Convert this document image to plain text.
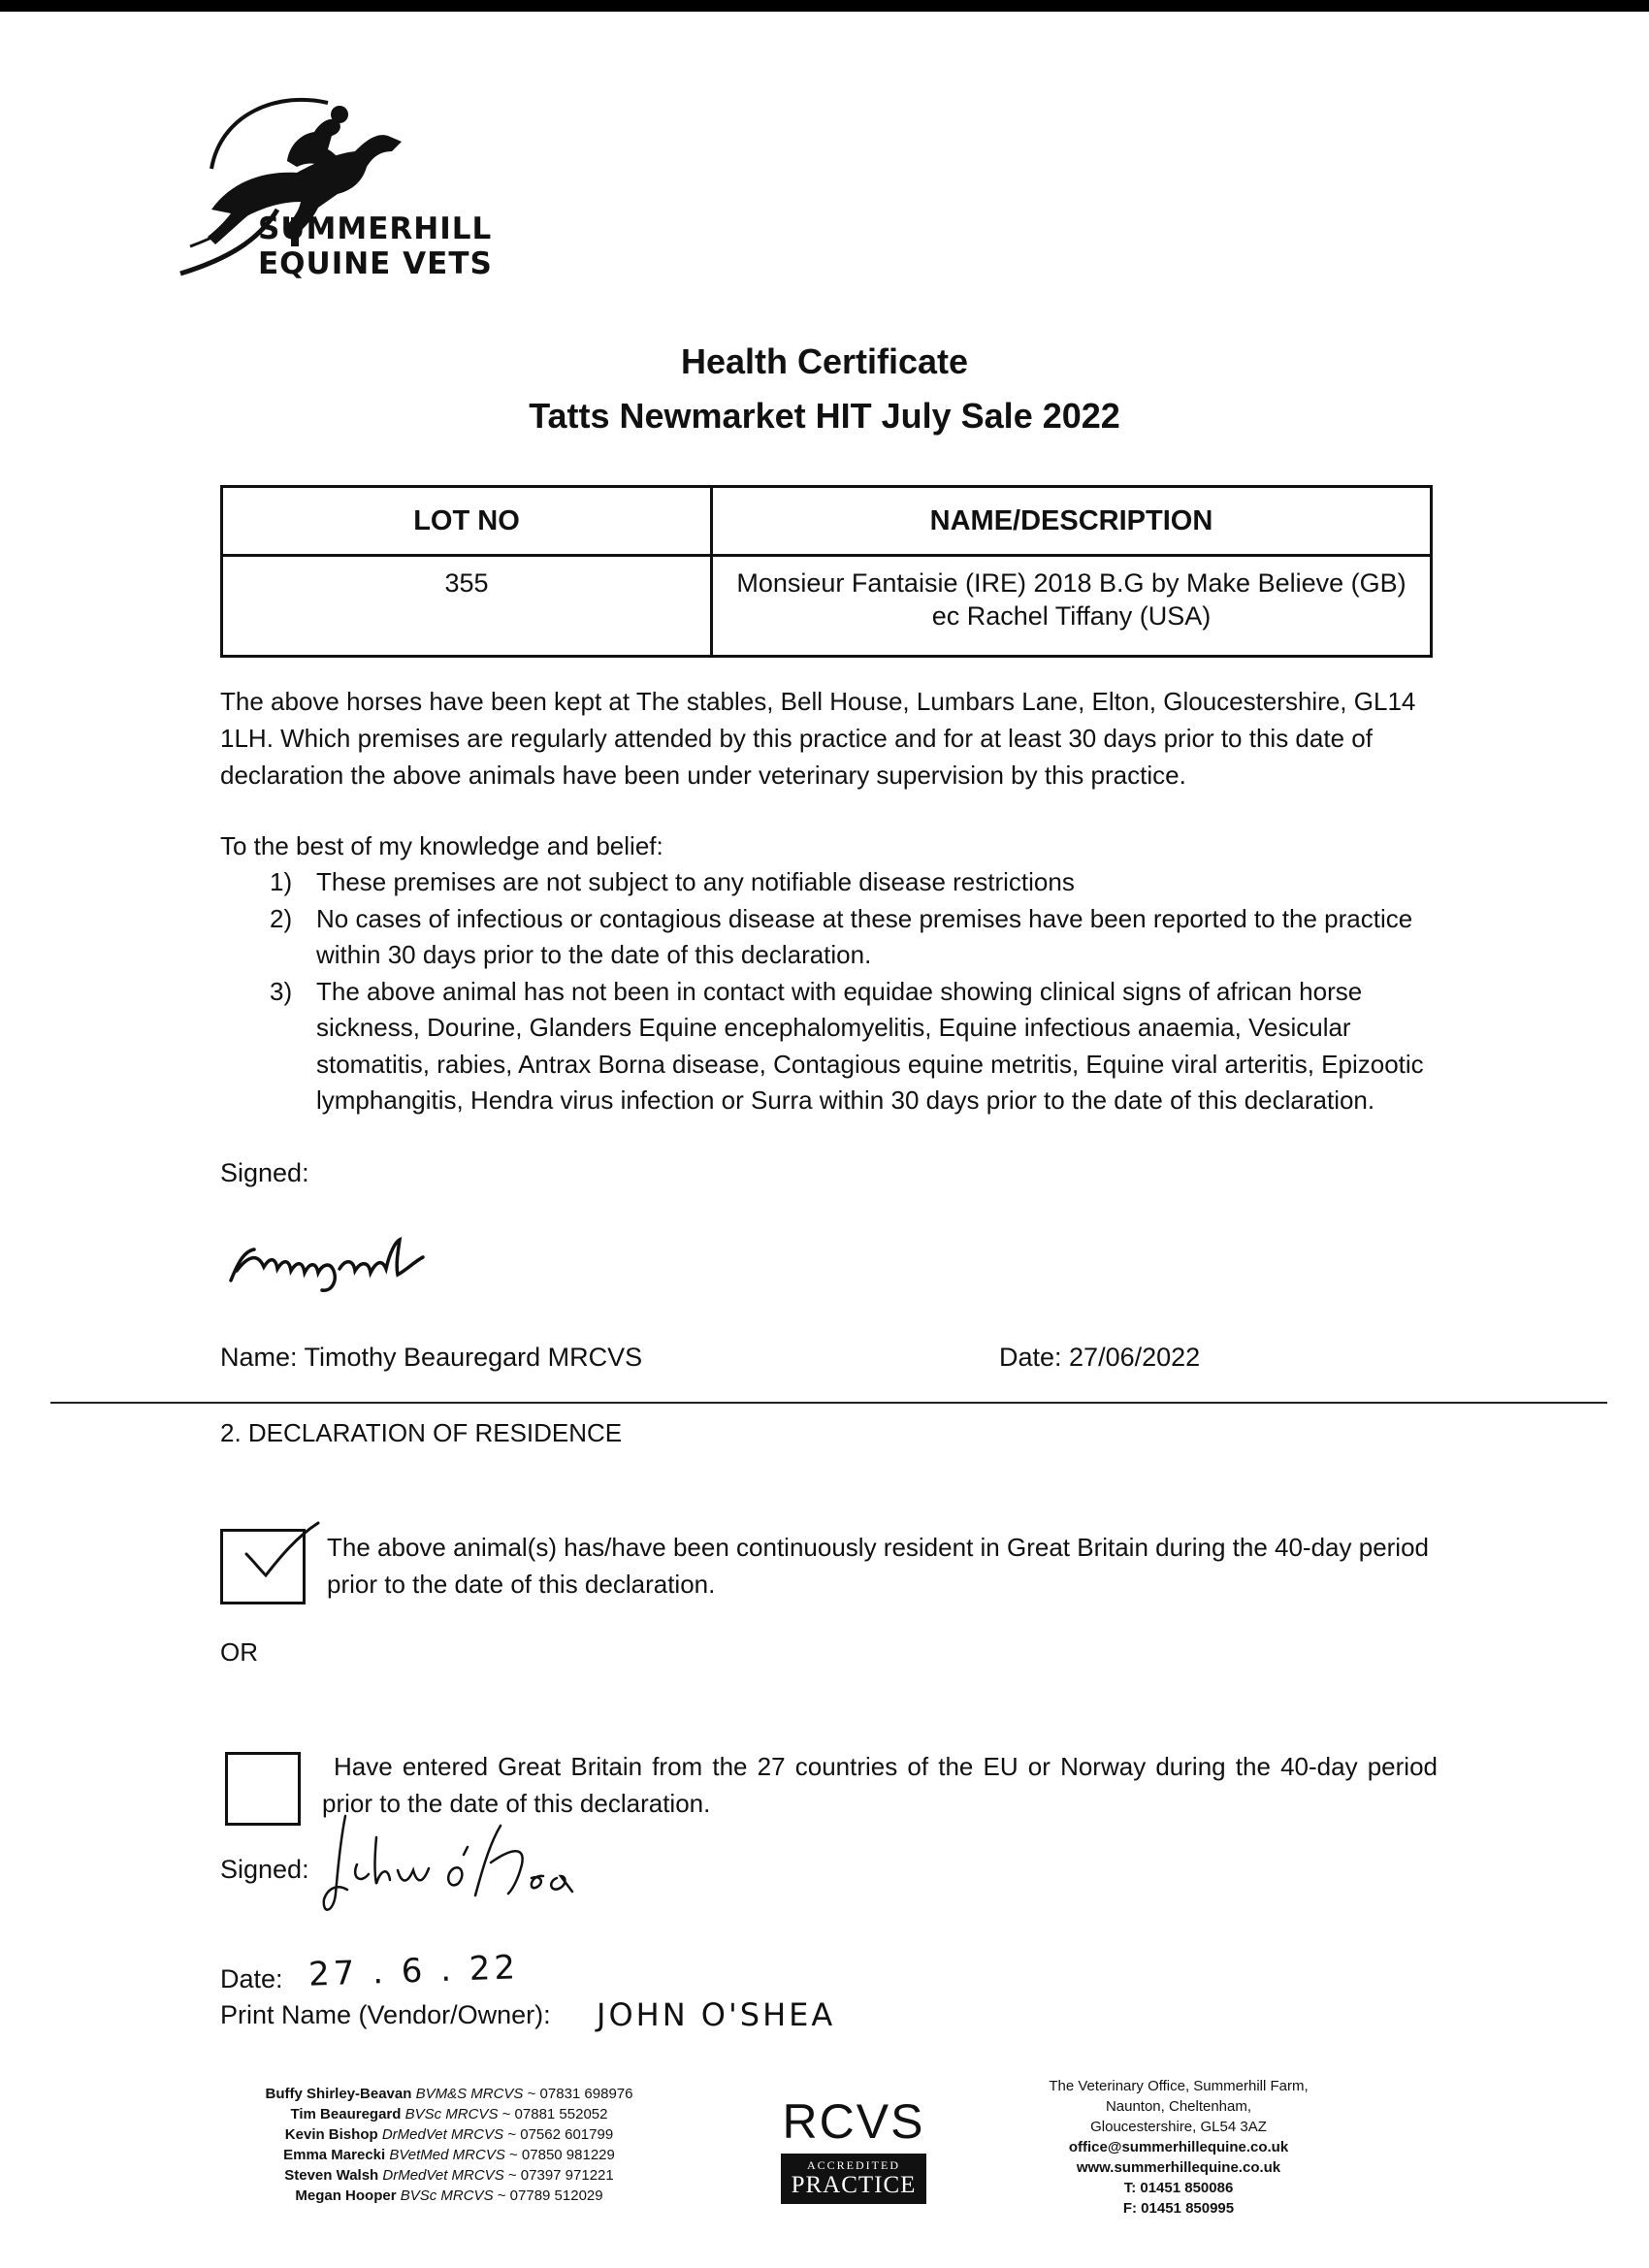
SUMMERHILL
EQUINE VETS
Health Certificate
Tatts Newmarket HIT July Sale 2022
LOT NO	NAME/DESCRIPTION
355	Monsieur Fantaisie (IRE) 2018 B.G by Make Believe (GB)
ec Rachel Tiffany (USA)
The above horses have been kept at The stables, Bell House, Lumbars Lane, Elton, Gloucestershire, GL14 1LH. Which premises are regularly attended by this practice and for at least 30 days prior to this date of declaration the above animals have been under veterinary supervision by this practice.
To the best of my knowledge and belief:
1) These premises are not subject to any notifiable disease restrictions
2) No cases of infectious or contagious disease at these premises have been reported to the practice within 30 days prior to the date of this declaration.
3) The above animal has not been in contact with equidae showing clinical signs of african horse sickness, Dourine, Glanders Equine encephalomyelitis, Equine infectious anaemia, Vesicular stomatitis, rabies, Antrax Borna disease, Contagious equine metritis, Equine viral arteritis, Epizootic lymphangitis, Hendra virus infection or Surra within 30 days prior to the date of this declaration.
Signed:
Name: Timothy Beauregard MRCVS	Date: 27/06/2022
2. DECLARATION OF RESIDENCE
The above animal(s) has/have been continuously resident in Great Britain during the 40-day period prior to the date of this declaration.
OR
Have entered Great Britain from the 27 countries of the EU or Norway during the 40-day period prior to the date of this declaration.
Signed:
Date: 27 . 6 . 22
Print Name (Vendor/Owner): JOHN O'SHEA
Buffy Shirley-Beavan BVM&S MRCVS ~ 07831 698976
Tim Beauregard BVSc MRCVS ~ 07881 552052
Kevin Bishop DrMedVet MRCVS ~ 07562 601799
Emma Marecki BVetMed MRCVS ~ 07850 981229
Steven Walsh DrMedVet MRCVS ~ 07397 971221
Megan Hooper BVSc MRCVS ~ 07789 512029
RCVS
ACCREDITED
PRACTICE
The Veterinary Office, Summerhill Farm,
Naunton, Cheltenham,
Gloucestershire, GL54 3AZ
office@summerhillequine.co.uk
www.summerhillequine.co.uk
T: 01451 850086
F: 01451 850995
